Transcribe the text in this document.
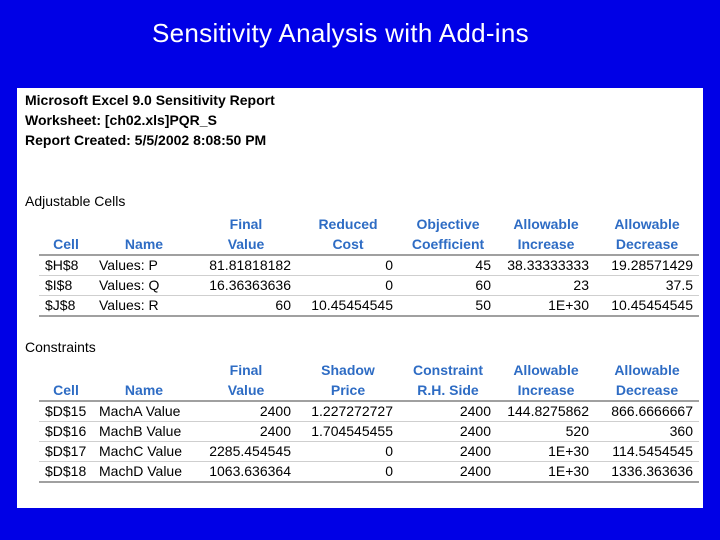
Sensitivity Analysis with Add-ins
Microsoft Excel 9.0 Sensitivity Report
Worksheet: [ch02.xls]PQR_S
Report Created: 5/5/2002 8:08:50 PM
Adjustable Cells
		Final	Reduced	Objective	Allowable	Allowable
Cell	Name	Value	Cost	Coefficient	Increase	Decrease
$H$8	Values: P	81.81818182	0	45	38.33333333	19.28571429
$I$8	Values: Q	16.36363636	0	60	23	37.5
$J$8	Values: R	60	10.45454545	50	1E+30	10.45454545
Constraints
		Final	Shadow	Constraint	Allowable	Allowable
Cell	Name	Value	Price	R.H. Side	Increase	Decrease
$D$15	MachA Value	2400	1.227272727	2400	144.8275862	866.6666667
$D$16	MachB Value	2400	1.704545455	2400	520	360
$D$17	MachC Value	2285.454545	0	2400	1E+30	114.5454545
$D$18	MachD Value	1063.636364	0	2400	1E+30	1336.363636
